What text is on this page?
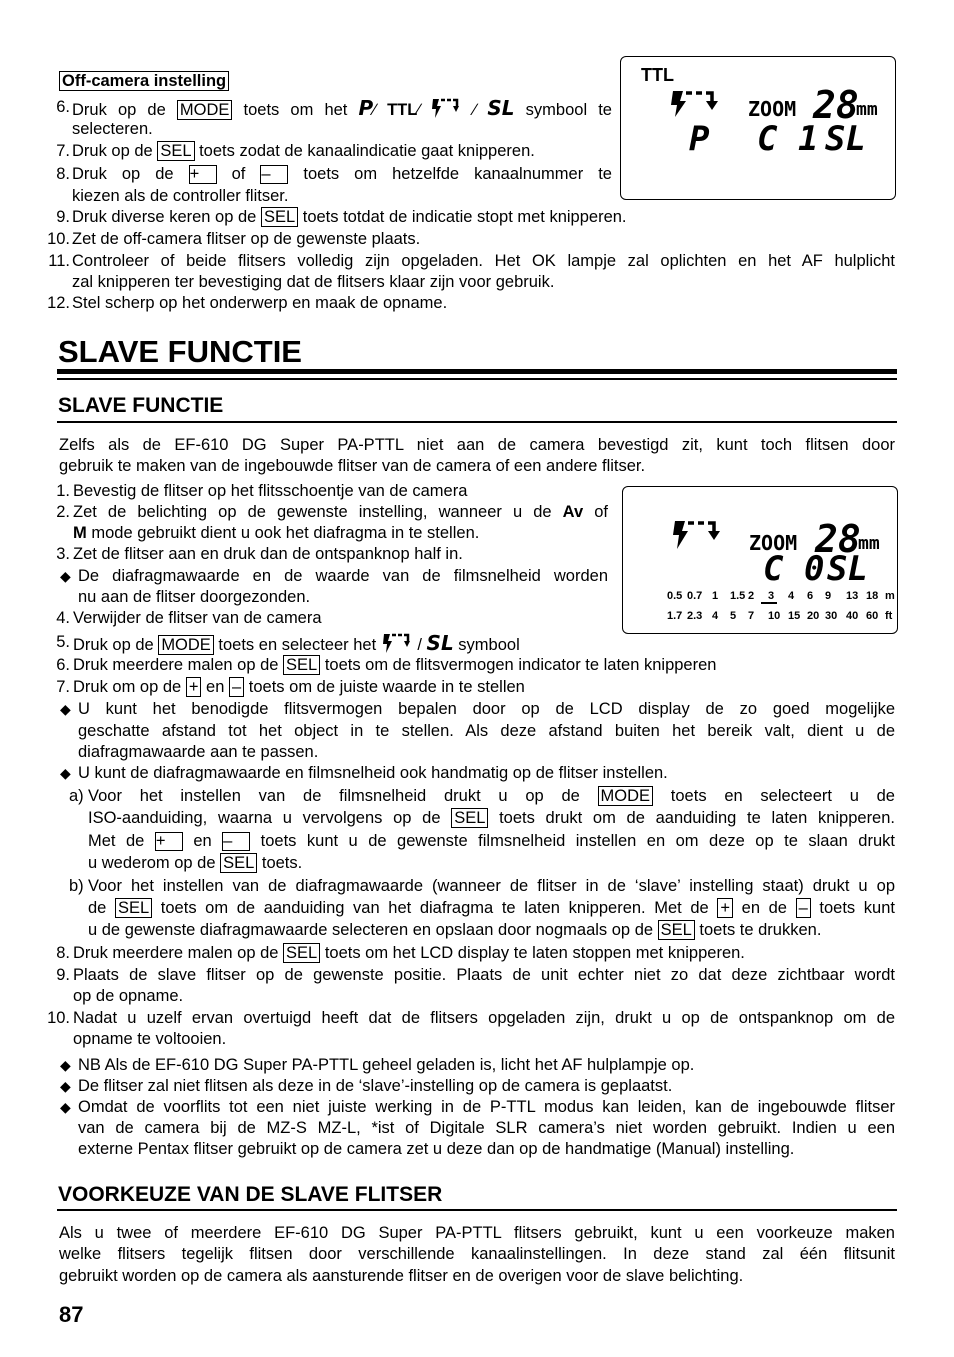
Off-camera instelling
6. Druk op de MODE toets om het P∕ TTL∕	∕ SL symbool te
selecteren.
7. Druk op de SEL toets zodat de kanaalindicatie gaat knipperen.
8. Druk op de + of – toets om hetzelfde kanaalnummer te
kiezen als de controller flitser.
9. Druk diverse keren op de SEL toets totdat de indicatie stopt met knipperen.
10. Zet de off-camera flitser op de gewenste plaats.
11. Controleer of beide flitsers volledig zijn opgeladen. Het OK lampje zal oplichten en het AF hulplicht
zal knipperen ter bevestiging dat de flitsers klaar zijn voor gebruik.
12. Stel scherp op het onderwerp en maak de opname.
TTL
ZOOM 28
mm
P C 1 SL
SLAVE FUNCTIE
SLAVE FUNCTIE
Zelfs als de EF-610 DG Super PA-PTTL niet aan de camera bevestigd zit, kunt toch flitsen door
gebruik te maken van de ingebouwde flitser van de camera of een andere flitser.
ZOOM 28
mm
C 0 SL
0.5 0.7 1 1.5 2 3 4 6 9 13 18 m
1.7 2.3 4 5 7 10 15 20 30 40 60 ft
1. Bevestig de flitser op het flitsschoentje van de camera
2. Zet de belichting op de gewenste instelling, wanneer u de Av of
M mode gebruikt dient u ook het diafragma in te stellen.
3. Zet de flitser aan en druk dan de ontspanknop half in.
◆ De diafragmawaarde en de waarde van de filmsnelheid worden
nu aan de flitser doorgezonden.
4. Verwijder de flitser van de camera
5. Druk op de MODE toets en selecteer het / SL symbool
6. Druk meerdere malen op de SEL toets om de flitsvermogen indicator te laten knipperen
7. Druk om op de + en – toets om de juiste waarde in te stellen
◆ U kunt het benodigde flitsvermogen bepalen door op de LCD display de zo goed mogelijke
geschatte afstand tot het object in te stellen. Als deze afstand buiten het bereik valt, dient u de
diafragmawaarde aan te passen.
◆ U kunt de diafragmawaarde en filmsnelheid ook handmatig op de flitser instellen.
a) Voor het instellen van de filmsnelheid drukt u op de MODE toets en selecteert u de
ISO-aanduiding, waarna u vervolgens op de SEL toets drukt om de aanduiding te laten knipperen.
Met de + en – toets kunt u de gewenste filmsnelheid instellen en om deze op te slaan drukt
u wederom op de SEL toets.
b) Voor het instellen van de diafragmawaarde (wanneer de flitser in de ‘slave’ instelling staat) drukt u op
de SEL toets om de aanduiding van het diafragma te laten knipperen. Met de + en de – toets kunt
u de gewenste diafragmawaarde selecteren en opslaan door nogmaals op de SEL toets te drukken.
8. Druk meerdere malen op de SEL toets om het LCD display te laten stoppen met knipperen.
9. Plaats de slave flitser op de gewenste positie. Plaats de unit echter niet zo dat deze zichtbaar wordt
op de opname.
10. Nadat u uzelf ervan overtuigd heeft dat de flitsers opgeladen zijn, drukt u op de ontspanknop om de
opname te voltooien.
◆ NB Als de EF-610 DG Super PA-PTTL geheel geladen is, licht het AF hulplampje op.
◆ De flitser zal niet flitsen als deze in de ‘slave’-instelling op de camera is geplaatst.
◆ Omdat de voorflits tot een niet juiste werking in de P-TTL modus kan leiden, kan de ingebouwde flitser
van de camera bij de MZ-S MZ-L, *ist of Digitale SLR camera’s niet worden gebruikt. Indien u een
externe Pentax flitser gebruikt op de camera zet u deze dan op de handmatige (Manual) instelling.
VOORKEUZE VAN DE SLAVE FLITSER
Als u twee of meerdere EF-610 DG Super PA-PTTL flitsers gebruikt, kunt u een voorkeuze maken
welke flitsers tegelijk flitsen door verschillende kanaalinstellingen. In deze stand zal één flitsunit
gebruikt worden op de camera als aansturende flitser en de overigen voor de slave belichting.
87
